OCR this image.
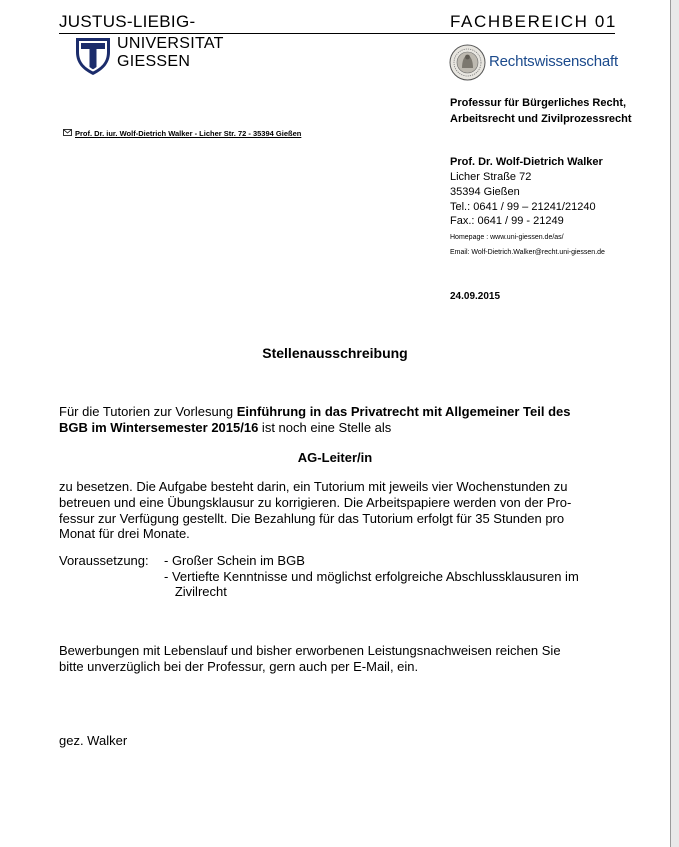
JUSTUS-LIEBIG-	FACHBEREICH 01
UNIVERSITAT
GIESSEN	Rechtswissenschaft
Professur für Bürgerliches Recht,
Arbeitsrecht und Zivilprozessrecht
Prof. Dr. iur. Wolf-Dietrich Walker - Licher Str. 72 - 35394 Gießen
Prof. Dr. Wolf-Dietrich Walker
Licher Straße 72
35394 Gießen
Tel.: 0641 / 99 – 21241/21240
Fax.: 0641 / 99 - 21249
Homepage : www.uni-giessen.de/as/
Email: Wolf-Dietrich.Walker@recht.uni-giessen.de
24.09.2015
Stellenausschreibung
Für die Tutorien zur Vorlesung Einführung in das Privatrecht mit Allgemeiner Teil des
BGB im Wintersemester 2015/16 ist noch eine Stelle als
AG-Leiter/in
zu besetzen. Die Aufgabe besteht darin, ein Tutorium mit jeweils vier Wochenstunden zu
betreuen und eine Übungsklausur zu korrigieren. Die Arbeitspapiere werden von der Pro-
fessur zur Verfügung gestellt. Die Bezahlung für das Tutorium erfolgt für 35 Stunden pro
Monat für drei Monate.
Voraussetzung: - Großer Schein im BGB
- Vertiefte Kenntnisse und möglichst erfolgreiche Abschlussklausuren im
Zivilrecht
Bewerbungen mit Lebenslauf und bisher erworbenen Leistungsnachweisen reichen Sie
bitte unverzüglich bei der Professur, gern auch per E-Mail, ein.
gez. Walker
